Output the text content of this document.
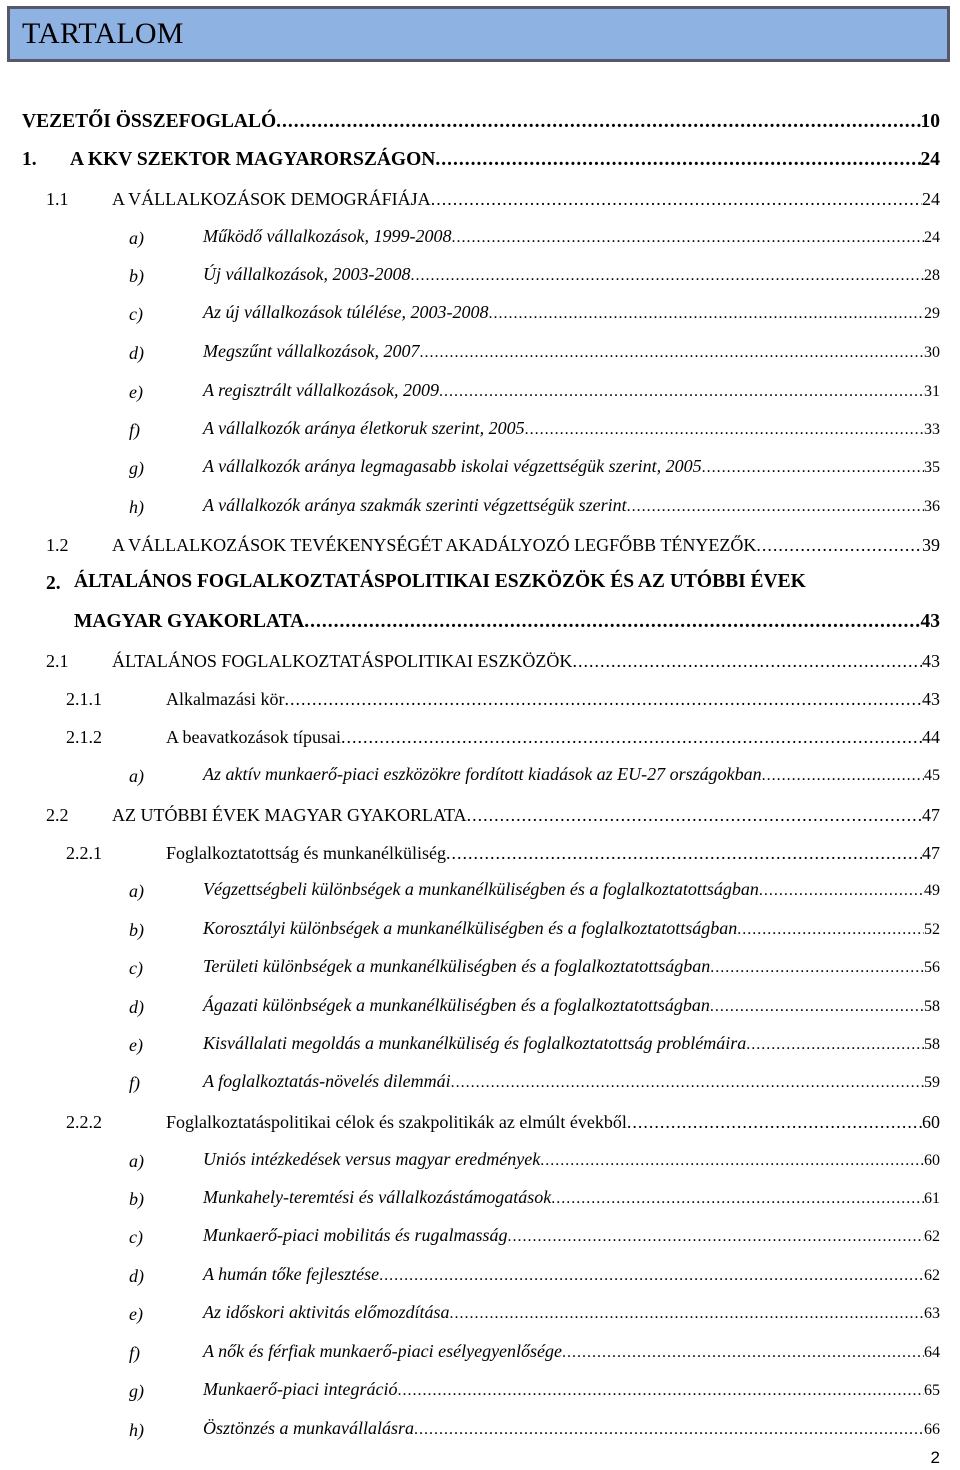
TARTALOM
VEZETŐI ÖSSZEFOGLALÓ .....	10
1. A KKV SZEKTOR MAGYARORSZÁGON .....	24
1.1 A VÁLLALKOZÁSOK DEMOGRÁFIÁJA .....	24
a)	Működő vállalkozások, 1999-2008 .....	24
b)	Új vállalkozások, 2003-2008 .....	28
c)	Az új vállalkozások túlélése, 2003-2008 .....	29
d)	Megszűnt vállalkozások, 2007 .....	30
e)	A regisztrált vállalkozások, 2009 .....	31
f)	A vállalkozók aránya életkoruk szerint, 2005 .....	33
g)	A vállalkozók aránya legmagasabb iskolai végzettségük szerint, 2005 .....	35
h)	A vállalkozók aránya szakmák szerinti végzettségük szerint .....	36
1.2 A VÁLLALKOZÁSOK TEVÉKENYSÉGÉT AKADÁLYOZÓ LEGFŐBB TÉNYEZŐK .....	39
2. ÁLTALÁNOS FOGLALKOZTATÁSPOLITIKAI ESZKÖZÖK ÉS AZ UTÓBBI ÉVEK
MAGYAR GYAKORLATA .....	43
2.1 ÁLTALÁNOS FOGLALKOZTATÁSPOLITIKAI ESZKÖZÖK .....	43
2.1.1	Alkalmazási kör .....	43
2.1.2	A beavatkozások típusai .....	44
a)	Az aktív munkaerő-piaci eszközökre fordított kiadások az EU-27 országokban .....	45
2.2 AZ UTÓBBI ÉVEK MAGYAR GYAKORLATA .....	47
2.2.1	Foglalkoztatottság és munkanélküliség .....	47
a)	Végzettségbeli különbségek a munkanélküliségben és a foglalkoztatottságban .....	49
b)	Korosztályi különbségek a munkanélküliségben és a foglalkoztatottságban .....	52
c)	Területi különbségek a munkanélküliségben és a foglalkoztatottságban .....	56
d)	Ágazati különbségek a munkanélküliségben és a foglalkoztatottságban .....	58
e)	Kisvállalati megoldás a munkanélküliség és foglalkoztatottság problémáira .....	58
f)	A foglalkoztatás-növelés dilemmái .....	59
2.2.2	Foglalkoztatáspolitikai célok és szakpolitikák az elmúlt évekből .....	60
a)	Uniós intézkedések versus magyar eredmények .....	60
b)	Munkahely-teremtési és vállalkozástámogatások .....	61
c)	Munkaerő-piaci mobilitás és rugalmasság .....	62
d)	A humán tőke fejlesztése .....	62
e)	Az időskori aktivitás előmozdítása .....	63
f)	A nők és férfiak munkaerő-piaci esélyegyenlősége .....	64
g)	Munkaerő-piaci integráció .....	65
h)	Ösztönzés a munkavállalásra .....	66
2
